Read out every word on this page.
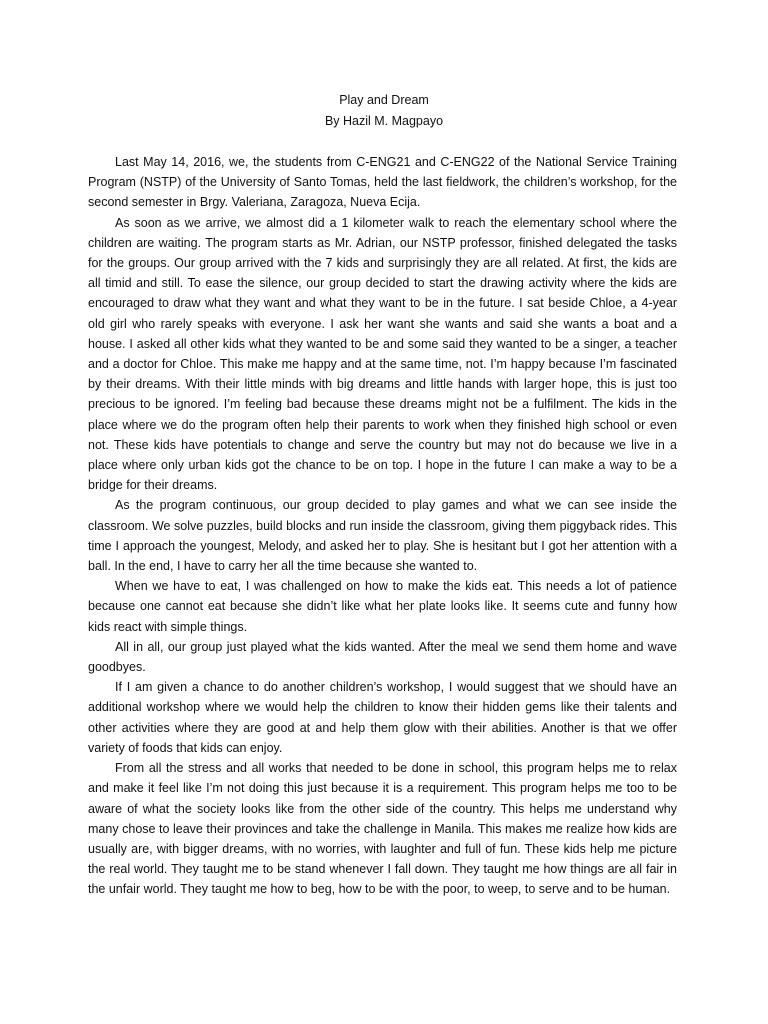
Play and Dream
By Hazil M. Magpayo

Last May 14, 2016, we, the students from C-ENG21 and C-ENG22 of the National Service Training Program (NSTP) of the University of Santo Tomas, held the last fieldwork, the children’s workshop, for the second semester in Brgy. Valeriana, Zaragoza, Nueva Ecija.

As soon as we arrive, we almost did a 1 kilometer walk to reach the elementary school where the children are waiting. The program starts as Mr. Adrian, our NSTP professor, finished delegated the tasks for the groups. Our group arrived with the 7 kids and surprisingly they are all related. At first, the kids are all timid and still. To ease the silence, our group decided to start the drawing activity where the kids are encouraged to draw what they want and what they want to be in the future. I sat beside Chloe, a 4-year old girl who rarely speaks with everyone. I ask her want she wants and said she wants a boat and a house. I asked all other kids what they wanted to be and some said they wanted to be a singer, a teacher and a doctor for Chloe. This make me happy and at the same time, not. I’m happy because I’m fascinated by their dreams. With their little minds with big dreams and little hands with larger hope, this is just too precious to be ignored. I’m feeling bad because these dreams might not be a fulfilment. The kids in the place where we do the program often help their parents to work when they finished high school or even not. These kids have potentials to change and serve the country but may not do because we live in a place where only urban kids got the chance to be on top. I hope in the future I can make a way to be a bridge for their dreams.

As the program continuous, our group decided to play games and what we can see inside the classroom. We solve puzzles, build blocks and run inside the classroom, giving them piggyback rides. This time I approach the youngest, Melody, and asked her to play. She is hesitant but I got her attention with a ball. In the end, I have to carry her all the time because she wanted to.

When we have to eat, I was challenged on how to make the kids eat. This needs a lot of patience because one cannot eat because she didn’t like what her plate looks like. It seems cute and funny how kids react with simple things.

All in all, our group just played what the kids wanted. After the meal we send them home and wave goodbyes.

If I am given a chance to do another children’s workshop, I would suggest that we should have an additional workshop where we would help the children to know their hidden gems like their talents and other activities where they are good at and help them glow with their abilities. Another is that we offer variety of foods that kids can enjoy.

From all the stress and all works that needed to be done in school, this program helps me to relax and make it feel like I’m not doing this just because it is a requirement. This program helps me too to be aware of what the society looks like from the other side of the country. This helps me understand why many chose to leave their provinces and take the challenge in Manila. This makes me realize how kids are usually are, with bigger dreams, with no worries, with laughter and full of fun. These kids help me picture the real world. They taught me to be stand whenever I fall down. They taught me how things are all fair in the unfair world. They taught me how to beg, how to be with the poor, to weep, to serve and to be human.
